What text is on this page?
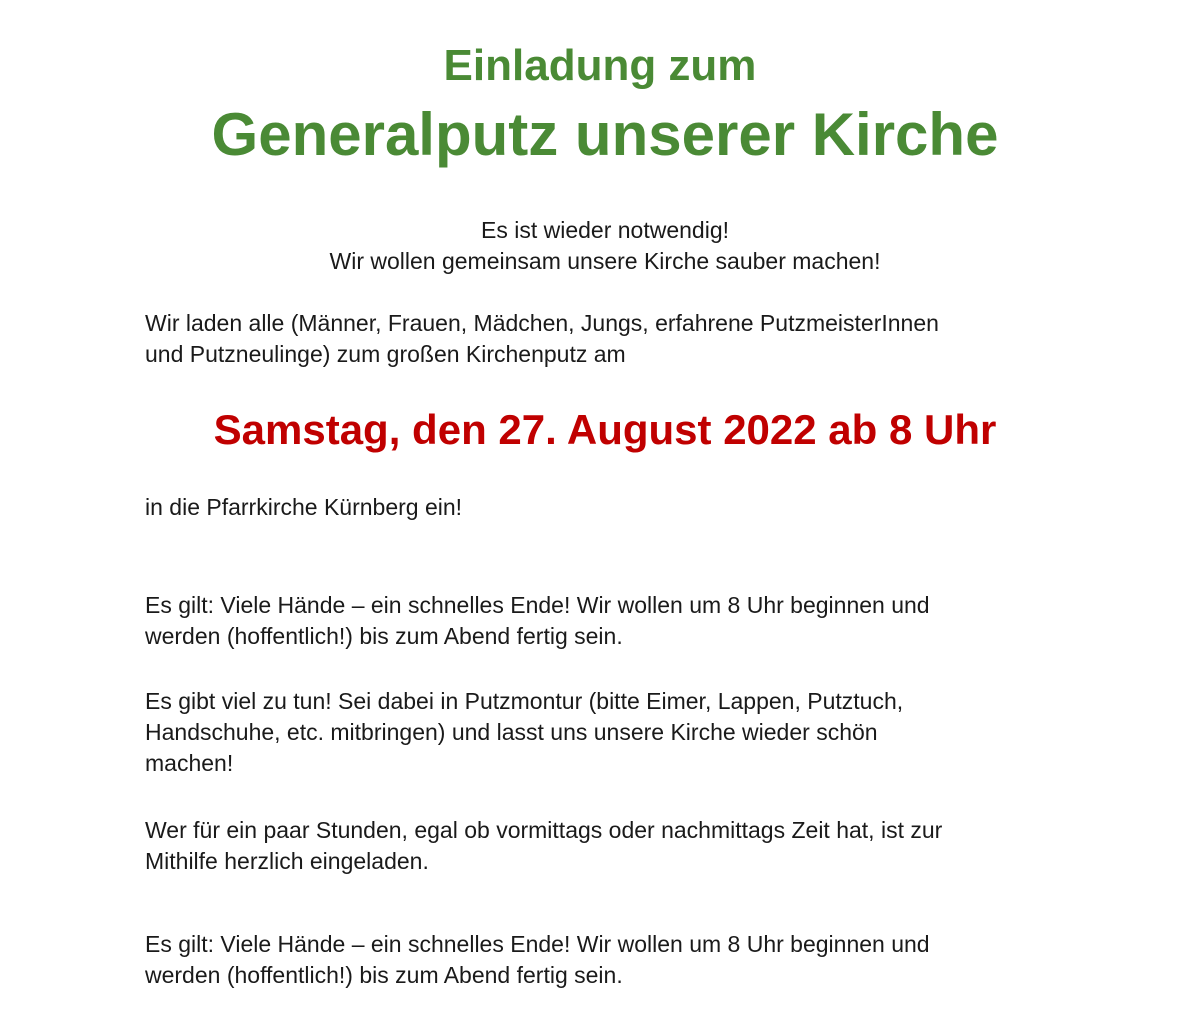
Einladung zum
Generalputz unserer Kirche
Es ist wieder notwendig!
Wir wollen gemeinsam unsere Kirche sauber machen!
Wir laden alle (Männer, Frauen, Mädchen, Jungs, erfahrene PutzmeisterInnen
und Putzneulinge) zum großen Kirchenputz am
Samstag, den 27. August 2022 ab 8 Uhr
in die Pfarrkirche Kürnberg ein!
Es gilt: Viele Hände – ein schnelles Ende! Wir wollen um 8 Uhr beginnen und
werden (hoffentlich!) bis zum Abend fertig sein.
Es gibt viel zu tun! Sei dabei in Putzmontur (bitte Eimer, Lappen, Putztuch,
Handschuhe, etc. mitbringen) und lasst uns unsere Kirche wieder schön
machen!
Wer für ein paar Stunden, egal ob vormittags oder nachmittags Zeit hat, ist zur
Mithilfe herzlich eingeladen.
Es gilt: Viele Hände – ein schnelles Ende! Wir wollen um 8 Uhr beginnen und
werden (hoffentlich!) bis zum Abend fertig sein.
